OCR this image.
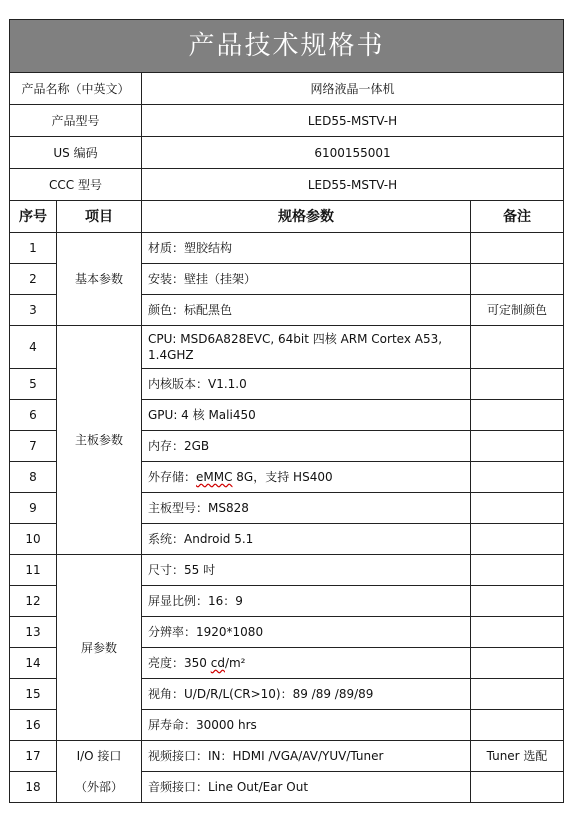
产品技术规格书			
产品名称（中英文）		网络液晶一体机	
产品型号		LED55-MSTV-H	
US 编码		6100155001	
CCC 型号		LED55-MSTV-H	
序号	项目	规格参数	备注
1	基本参数	材质：塑胶结构	
2		安装：壁挂（挂架）	
3		颜色：标配黑色	可定制颜色
4	主板参数	CPU: MSD6A828EVC, 64bit 四核 ARM Cortex A53, 1.4GHZ	
5		内核版本：V1.1.0	
6		GPU: 4 核 Mali450	
7		内存：2GB	
8		外存储：eMMC 8G，支持 HS400	
9		主板型号：MS828	
10		系统：Android 5.1	
11	屏参数	尺寸：55 吋	
12		屏显比例：16：9	
13		分辨率：1920*1080	
14		亮度：350 cd/m²	
15		视角：U/D/R/L(CR>10)：89 /89 /89/89	
16		屏寿命：30000 hrs	
17	I/O 接口	视频接口：IN：HDMI /VGA/AV/YUV/Tuner	Tuner 选配
18	（外部）	音频接口：Line Out/Ear Out	
